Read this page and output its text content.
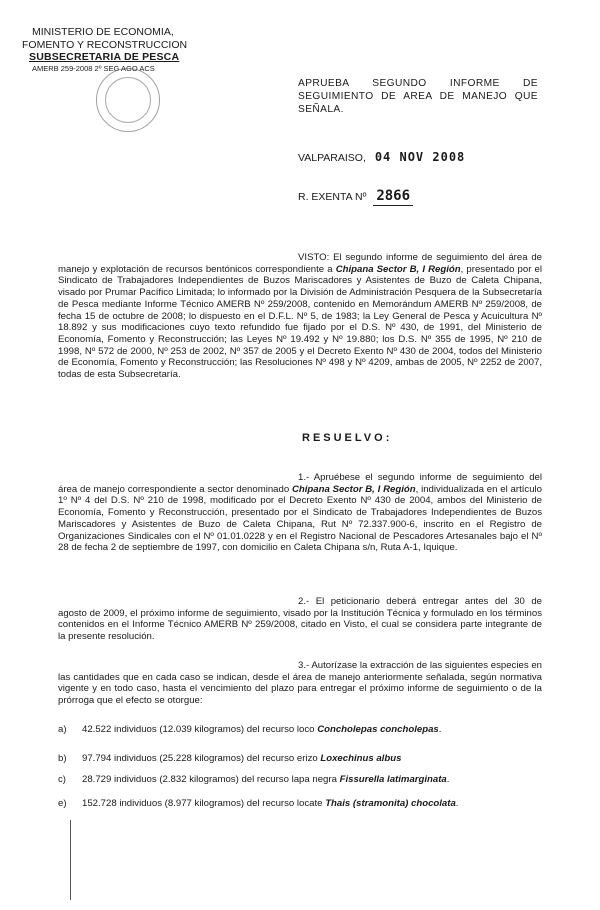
MINISTERIO DE ECONOMIA,
FOMENTO Y RECONSTRUCCION
SUBSECRETARIA DE PESCA
AMERB 259-2008 2º SEG AGO ACS
APRUEBA SEGUNDO INFORME DE SEGUIMIENTO DE AREA DE MANEJO QUE SEÑALA.
VALPARAISO, 04 NOV 2008
R. EXENTA Nº 2866
VISTO: El segundo informe de seguimiento del área de manejo y explotación de recursos bentónicos correspondiente a Chipana Sector B, I Región, presentado por el Sindicato de Trabajadores Independientes de Buzos Mariscadores y Asistentes de Buzo de Caleta Chipana, visado por Prumar Pacífico Limitada; lo informado por la División de Administración Pesquera de la Subsecretaría de Pesca mediante Informe Técnico AMERB Nº 259/2008, contenido en Memorándum AMERB Nº 259/2008, de fecha 15 de octubre de 2008; lo dispuesto en el D.F.L. Nº 5, de 1983; la Ley General de Pesca y Acuicultura Nº 18.892 y sus modificaciones cuyo texto refundido fue fijado por el D.S. Nº 430, de 1991, del Ministerio de Economía, Fomento y Reconstrucción; las Leyes Nº 19.492 y Nº 19.880; los D.S. Nº 355 de 1995, Nº 210 de 1998, Nº 572 de 2000, Nº 253 de 2002, Nº 357 de 2005 y el Decreto Exento Nº 430 de 2004, todos del Ministerio de Economía, Fomento y Reconstrucción; las Resoluciones Nº 498 y Nº 4209, ambas de 2005, Nº 2252 de 2007, todas de esta Subsecretaría.
RESUELVO:
1.- Apruébese el segundo informe de seguimiento del área de manejo correspondiente a sector denominado Chipana Sector B, I Región, individualizada en el artículo 1º Nº 4 del D.S. Nº 210 de 1998, modificado por el Decreto Exento Nº 430 de 2004, ambos del Ministerio de Economía, Fomento y Reconstrucción, presentado por el Sindicato de Trabajadores Independientes de Buzos Mariscadores y Asistentes de Buzo de Caleta Chipana, Rut Nº 72.337.900-6, inscrito en el Registro de Organizaciones Sindicales con el Nº 01.01.0228 y en el Registro Nacional de Pescadores Artesanales bajo el Nº 28 de fecha 2 de septiembre de 1997, con domicilio en Caleta Chipana s/n, Ruta A-1, Iquique.
2.- El peticionario deberá entregar antes del 30 de agosto de 2009, el próximo informe de seguimiento, visado por la Institución Técnica y formulado en los términos contenidos en el Informe Técnico AMERB Nº 259/2008, citado en Visto, el cual se considera parte integrante de la presente resolución.
3.- Autorízase la extracción de las siguientes especies en las cantidades que en cada caso se indican, desde el área de manejo anteriormente señalada, según normativa vigente y en todo caso, hasta el vencimiento del plazo para entregar el próximo informe de seguimiento o de la prórroga que el efecto se otorgue:
a) 42.522 individuos (12.039 kilogramos) del recurso loco Concholepas concholepas.
b) 97.794 individuos (25.228 kilogramos) del recurso erizo Loxechinus albus
c) 28.729 individuos (2.832 kilogramos) del recurso lapa negra Fissurella latimarginata.
e) 152.728 individuos (8.977 kilogramos) del recurso locate Thais (stramonita) chocolata.
